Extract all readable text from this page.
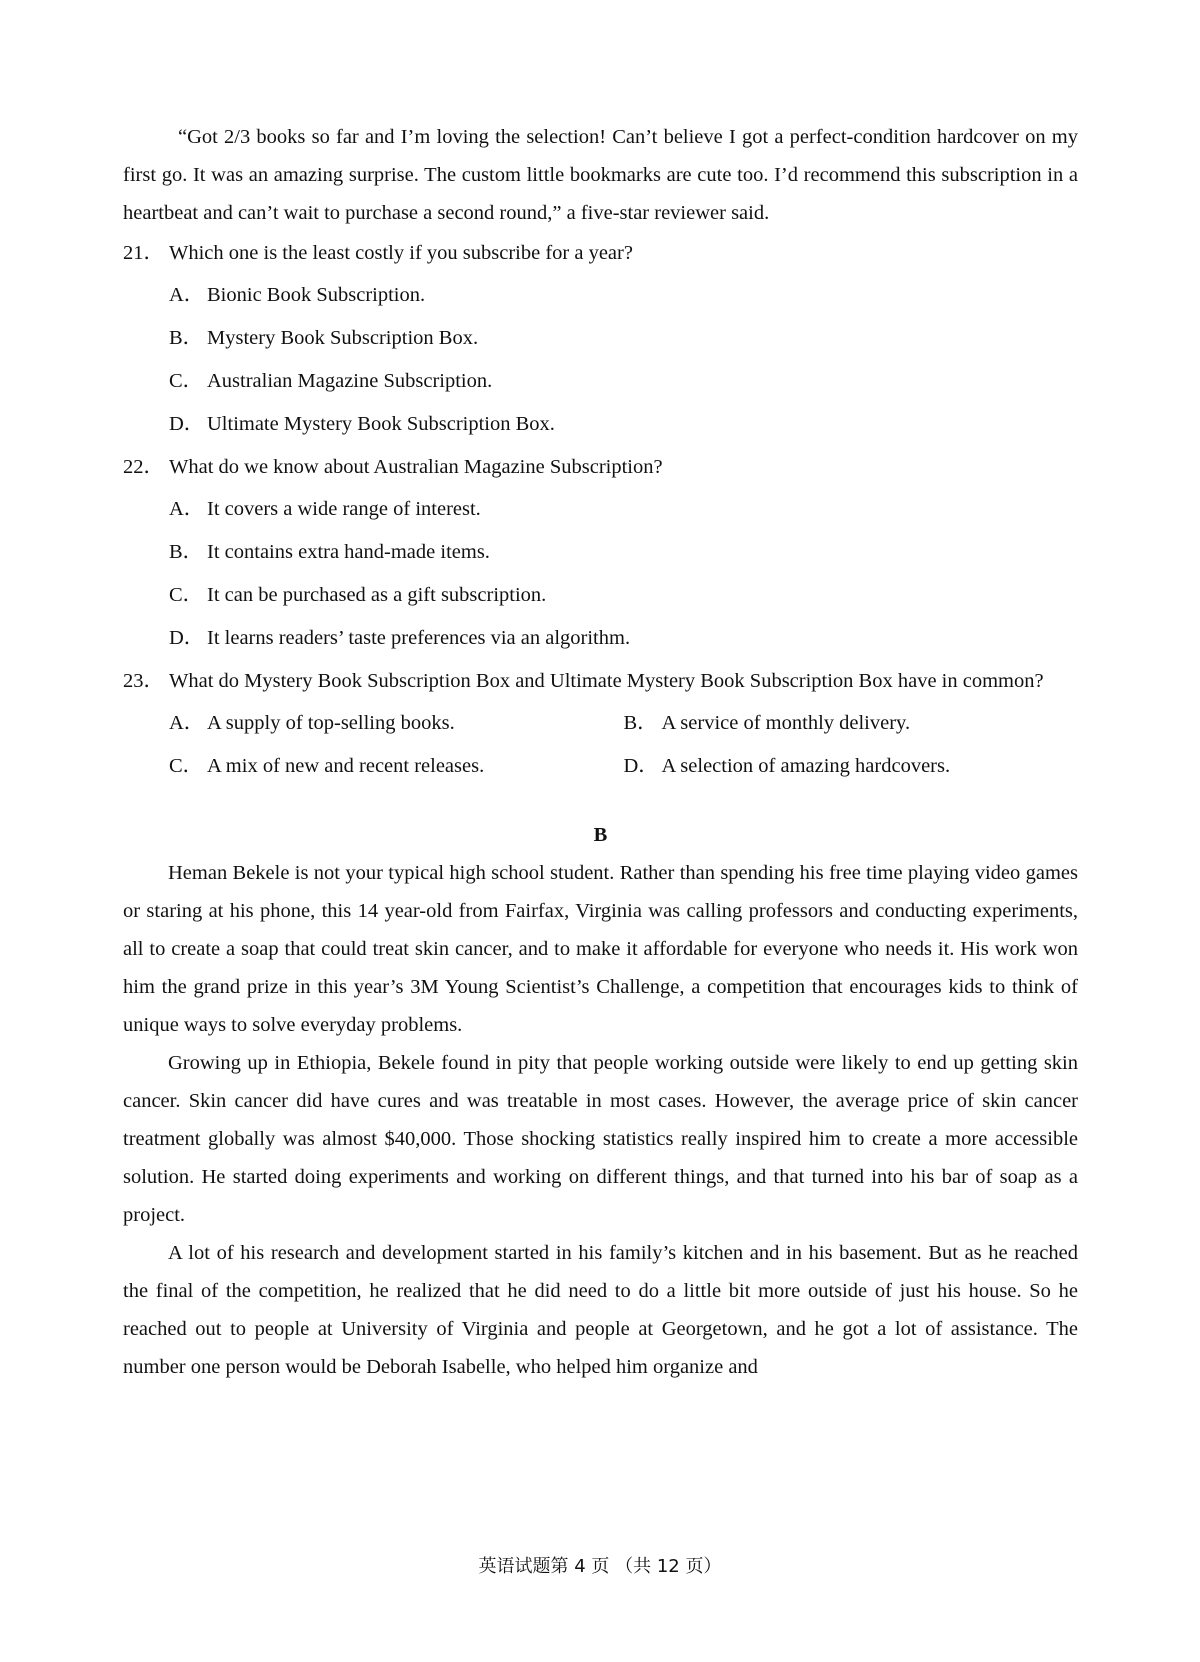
“Got 2/3 books so far and I’m loving the selection! Can’t believe I got a perfect-condition hardcover on my first go. It was an amazing surprise. The custom little bookmarks are cute too. I’d recommend this subscription in a heartbeat and can’t wait to purchase a second round,” a five-star reviewer said.

21． Which one is the least costly if you subscribe for a year?
A． Bionic Book Subscription.
B． Mystery Book Subscription Box.
C． Australian Magazine Subscription.
D． Ultimate Mystery Book Subscription Box.
22． What do we know about Australian Magazine Subscription?
A． It covers a wide range of interest.
B． It contains extra hand-made items.
C． It can be purchased as a gift subscription.
D． It learns readers’ taste preferences via an algorithm.
23． What do Mystery Book Subscription Box and Ultimate Mystery Book Subscription Box have in common?
A． A supply of top-selling books.	B． A service of monthly delivery.
C． A mix of new and recent releases.	D． A selection of amazing hardcovers.
B

Heman Bekele is not your typical high school student. Rather than spending his free time playing video games or staring at his phone, this 14 year-old from Fairfax, Virginia was calling professors and conducting experiments, all to create a soap that could treat skin cancer, and to make it affordable for everyone who needs it. His work won him the grand prize in this year’s 3M Young Scientist’s Challenge, a competition that encourages kids to think of unique ways to solve everyday problems.

Growing up in Ethiopia, Bekele found in pity that people working outside were likely to end up getting skin cancer. Skin cancer did have cures and was treatable in most cases. However, the average price of skin cancer treatment globally was almost $40,000. Those shocking statistics really inspired him to create a more accessible solution. He started doing experiments and working on different things, and that turned into his bar of soap as a project.

A lot of his research and development started in his family’s kitchen and in his basement. But as he reached the final of the competition, he realized that he did need to do a little bit more outside of just his house. So he reached out to people at University of Virginia and people at Georgetown, and he got a lot of assistance. The number one person would be Deborah Isabelle, who helped him organize and

英语试题第 4 页 （共 12 页）
